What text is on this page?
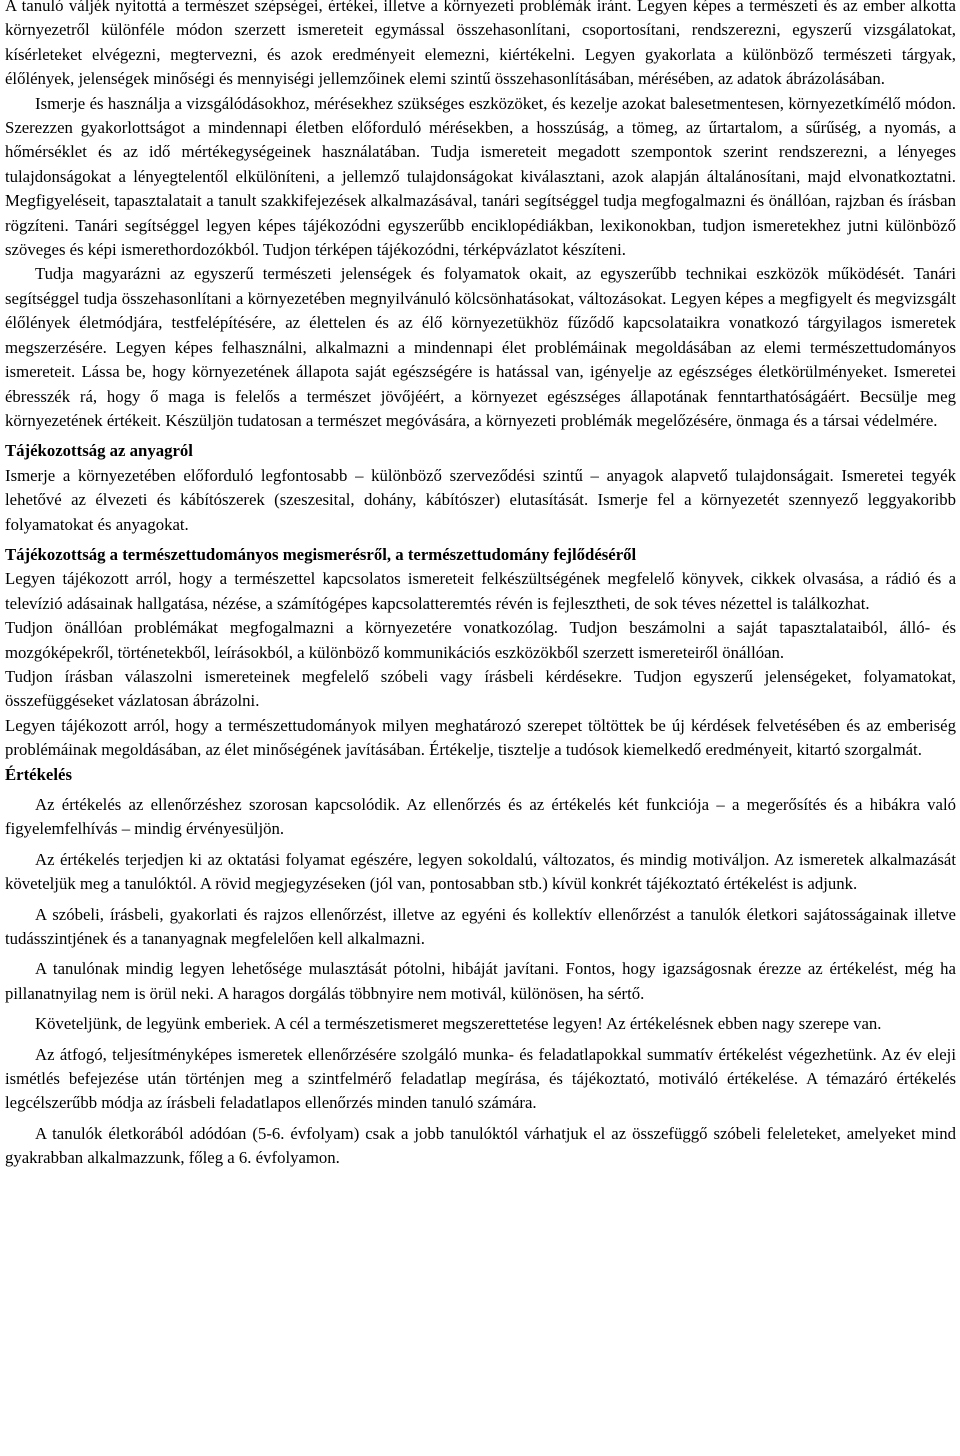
A tanuló váljék nyitottá a természet szépségei, értékei, illetve a környezeti problémák iránt. Legyen képes a természeti és az ember alkotta környezetről különféle módon szerzett ismereteit egymással összehasonlítani, csoportosítani, rendszerezni, egyszerű vizsgálatokat, kísérleteket elvégezni, megtervezni, és azok eredményeit elemezni, kiértékelni. Legyen gyakorlata a különböző természeti tárgyak, élőlények, jelenségek minőségi és mennyiségi jellemzőinek elemi szintű összehasonlításában, mérésében, az adatok ábrázolásában.

Ismerje és használja a vizsgálódásokhoz, mérésekhez szükséges eszközöket, és kezelje azokat balesetmentesen, környezetkímélő módon. Szerezzen gyakorlottságot a mindennapi életben előforduló mérésekben, a hosszúság, a tömeg, az űrtartalom, a sűrűség, a nyomás, a hőmérséklet és az idő mértékegységeinek használatában. Tudja ismereteit megadott szempontok szerint rendszerezni, a lényeges tulajdonságokat a lényegtelentől elkülöníteni, a jellemző tulajdonságokat kiválasztani, azok alapján általánosítani, majd elvonatkoztatni. Megfigyeléseit, tapasztalatait a tanult szakkifejezések alkalmazásával, tanári segítséggel tudja megfogalmazni és önállóan, rajzban és írásban rögzíteni. Tanári segítséggel legyen képes tájékozódni egyszerűbb enciklopédiákban, lexikonokban, tudjon ismeretekhez jutni különböző szöveges és képi ismerethordozókból. Tudjon térképen tájékozódni, térképvázlatot készíteni.

Tudja magyarázni az egyszerű természeti jelenségek és folyamatok okait, az egyszerűbb technikai eszközök működését. Tanári segítséggel tudja összehasonlítani a környezetében megnyilvánuló kölcsönhatásokat, változásokat. Legyen képes a megfigyelt és megvizsgált élőlények életmódjára, testfelépítésére, az élettelen és az élő környezetükhöz fűződő kapcsolataikra vonatkozó tárgyilagos ismeretek megszerzésére. Legyen képes felhasználni, alkalmazni a mindennapi élet problémáinak megoldásában az elemi természettudományos ismereteit. Lássa be, hogy környezetének állapota saját egészségére is hatással van, igényelje az egészséges életkörülményeket. Ismeretei ébresszék rá, hogy ő maga is felelős a természet jövőjéért, a környezet egészséges állapotának fenntarthatóságáért. Becsülje meg környezetének értékeit. Készüljön tudatosan a természet megóvására, a környezeti problémák megelőzésére, önmaga és a társai védelmére.

Tájékozottság az anyagról

Ismerje a környezetében előforduló legfontosabb – különböző szerveződési szintű – anyagok alapvető tulajdonságait. Ismeretei tegyék lehetővé az élvezeti és kábítószerek (szeszesital, dohány, kábítószer) elutasítását. Ismerje fel a környezetét szennyező leggyakoribb folyamatokat és anyagokat.

Tájékozottság a természettudományos megismerésről, a természettudomány fejlődéséről

Legyen tájékozott arról, hogy a természettel kapcsolatos ismereteit felkészültségének megfelelő könyvek, cikkek olvasása, a rádió és a televízió adásainak hallgatása, nézése, a számítógépes kapcsolatteremtés révén is fejlesztheti, de sok téves nézettel is találkozhat.

Tudjon önállóan problémákat megfogalmazni a környezetére vonatkozólag. Tudjon beszámolni a saját tapasztalataiból, álló- és mozgóképekről, történetekből, leírásokból, a különböző kommunikációs eszközökből szerzett ismereteiről önállóan.

Tudjon írásban válaszolni ismereteinek megfelelő szóbeli vagy írásbeli kérdésekre. Tudjon egyszerű jelenségeket, folyamatokat, összefüggéseket vázlatosan ábrázolni.

Legyen tájékozott arról, hogy a természettudományok milyen meghatározó szerepet töltöttek be új kérdések felvetésében és az emberiség problémáinak megoldásában, az élet minőségének javításában. Értékelje, tisztelje a tudósok kiemelkedő eredményeit, kitartó szorgalmát.

Értékelés

Az értékelés az ellenőrzéshez szorosan kapcsolódik. Az ellenőrzés és az értékelés két funkciója – a megerősítés és a hibákra való figyelemfelhívás – mindig érvényesüljön.

Az értékelés terjedjen ki az oktatási folyamat egészére, legyen sokoldalú, változatos, és mindig motiváljon. Az ismeretek alkalmazását követeljük meg a tanulóktól. A rövid megjegyzéseken (jól van, pontosabban stb.) kívül konkrét tájékoztató értékelést is adjunk.

A szóbeli, írásbeli, gyakorlati és rajzos ellenőrzést, illetve az egyéni és kollektív ellenőrzést a tanulók életkori sajátosságainak illetve tudásszintjének és a tananyagnak megfelelően kell alkalmazni.

A tanulónak mindig legyen lehetősége mulasztását pótolni, hibáját javítani. Fontos, hogy igazságosnak érezze az értékelést, még ha pillanatnyilag nem is örül neki. A haragos dorgálás többnyire nem motivál, különösen, ha sértő.

Követeljünk, de legyünk emberiek. A cél a természetismeret megszerettetése legyen! Az értékelésnek ebben nagy szerepe van.

Az átfogó, teljesítményképes ismeretek ellenőrzésére szolgáló munka- és feladatlapokkal summatív értékelést végezhetünk. Az év eleji ismétlés befejezése után történjen meg a szintfelmérő feladatlap megírása, és tájékoztató, motiváló értékelése. A témazáró értékelés legcélszerűbb módja az írásbeli feladatlapos ellenőrzés minden tanuló számára.

A tanulók életkorából adódóan (5-6. évfolyam) csak a jobb tanulóktól várhatjuk el az összefüggő szóbeli feleleteket, amelyeket mind gyakrabban alkalmazzunk, főleg a 6. évfolyamon.
